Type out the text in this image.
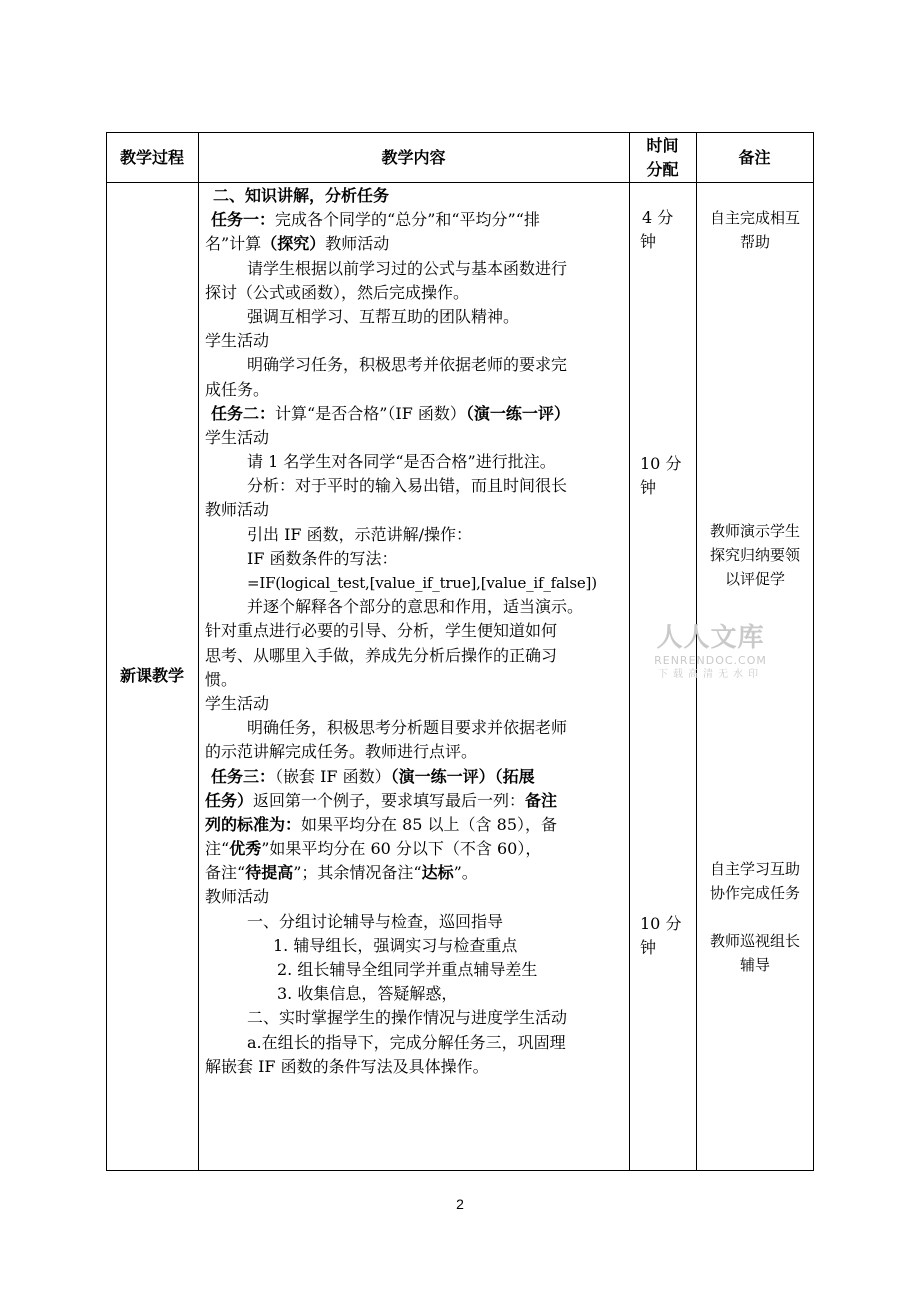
教学过程	教学内容
时间
分配
备注
新课教学
二、知识讲解，分析任务
任务一：完成各个同学的“总分”和“平均分”“排
名”计算（探究）教师活动
请学生根据以前学习过的公式与基本函数进行
探讨（公式或函数），然后完成操作。
强调互相学习、互帮互助的团队精神。
学生活动
明确学习任务，积极思考并依据老师的要求完
成任务。
任务二：计算“是否合格”（IF 函数）（演一练一评）
学生活动
请 1 名学生对各同学“是否合格”进行批注。
分析：对于平时的输入易出错，而且时间很长
教师活动
引出 IF 函数，示范讲解/操作：
IF 函数条件的写法：
=IF(logical_test,[value_if_true],[value_if_false])
并逐个解释各个部分的意思和作用，适当演示。
针对重点进行必要的引导、分析，学生便知道如何
思考、从哪里入手做，养成先分析后操作的正确习
惯。
学生活动
明确任务，积极思考分析题目要求并依据老师
的示范讲解完成任务。教师进行点评。
任务三：（嵌套 IF 函数）（演一练一评）（拓展
任务）返回第一个例子，要求填写最后一列：备注
列的标准为：如果平均分在 85 以上（含 85），备
注“优秀”如果平均分在 60 分以下（不含 60），
备注“待提高”；其余情况备注“达标”。
教师活动
一、分组讨论辅导与检查，巡回指导
1. 辅导组长，强调实习与检查重点
2. 组长辅导全组同学并重点辅导差生
3. 收集信息，答疑解惑，
二、实时掌握学生的操作情况与进度学生活动
a.在组长的指导下，完成分解任务三，巩固理
解嵌套 IF 函数的条件写法及具体操作。
4 分
钟
10 分
钟
10 分
钟
自主完成相互
帮助
教师演示学生
探究归纳要领
以评促学
自主学习互助
协作完成任务
教师巡视组长
辅导
人人文库
RENRENDOC.COM
下载高清无水印
2
